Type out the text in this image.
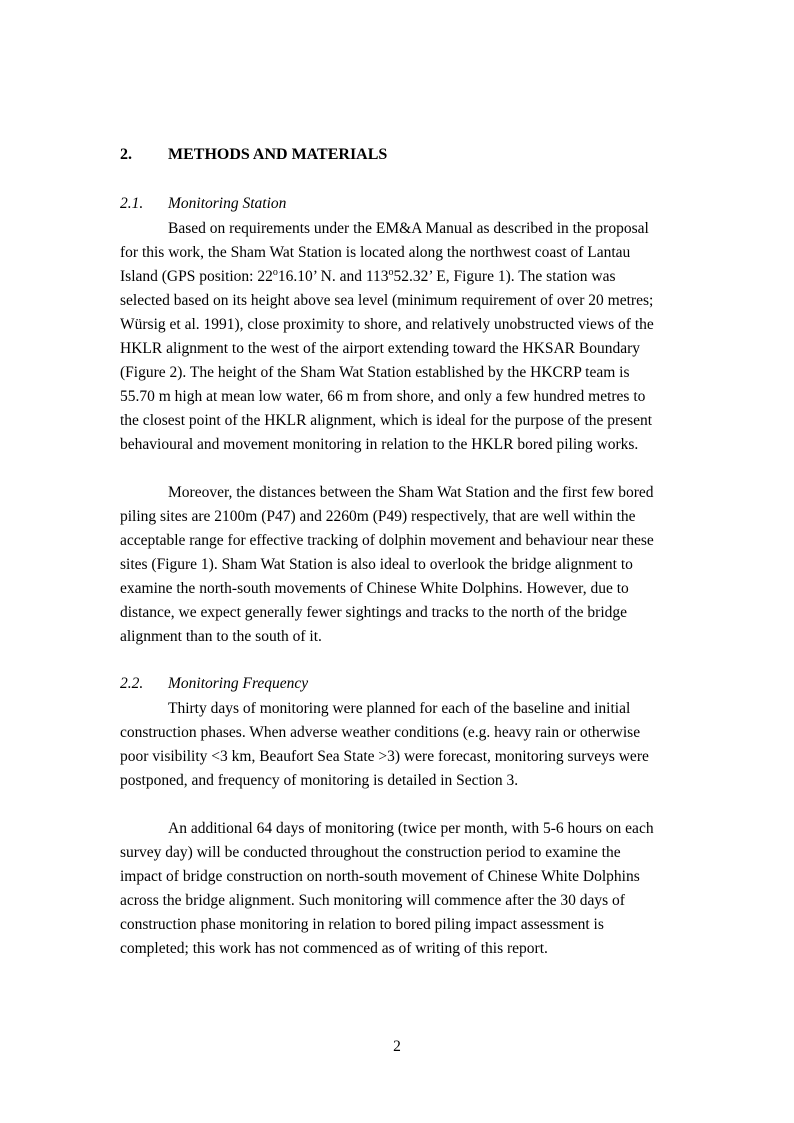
2. METHODS AND MATERIALS
2.1. Monitoring Station
Based on requirements under the EM&A Manual as described in the proposal
for this work, the Sham Wat Station is located along the northwest coast of Lantau
Island (GPS position: 22$^o$16.10’ N. and 113$^o$52.32’ E, Figure 1). The station was
selected based on its height above sea level (minimum requirement of over 20 metres;
Würsig et al. 1991), close proximity to shore, and relatively unobstructed views of the
HKLR alignment to the west of the airport extending toward the HKSAR Boundary
(Figure 2). The height of the Sham Wat Station established by the HKCRP team is
55.70 m high at mean low water, 66 m from shore, and only a few hundred metres to
the closest point of the HKLR alignment, which is ideal for the purpose of the present
behavioural and movement monitoring in relation to the HKLR bored piling works.
Moreover, the distances between the Sham Wat Station and the first few bored
piling sites are 2100m (P47) and 2260m (P49) respectively, that are well within the
acceptable range for effective tracking of dolphin movement and behaviour near these
sites (Figure 1). Sham Wat Station is also ideal to overlook the bridge alignment to
examine the north-south movements of Chinese White Dolphins. However, due to
distance, we expect generally fewer sightings and tracks to the north of the bridge
alignment than to the south of it.
2.2. Monitoring Frequency
Thirty days of monitoring were planned for each of the baseline and initial
construction phases. When adverse weather conditions (e.g. heavy rain or otherwise
poor visibility <3 km, Beaufort Sea State >3) were forecast, monitoring surveys were
postponed, and frequency of monitoring is detailed in Section 3.
An additional 64 days of monitoring (twice per month, with 5-6 hours on each
survey day) will be conducted throughout the construction period to examine the
impact of bridge construction on north-south movement of Chinese White Dolphins
across the bridge alignment. Such monitoring will commence after the 30 days of
construction phase monitoring in relation to bored piling impact assessment is
completed; this work has not commenced as of writing of this report.
2
